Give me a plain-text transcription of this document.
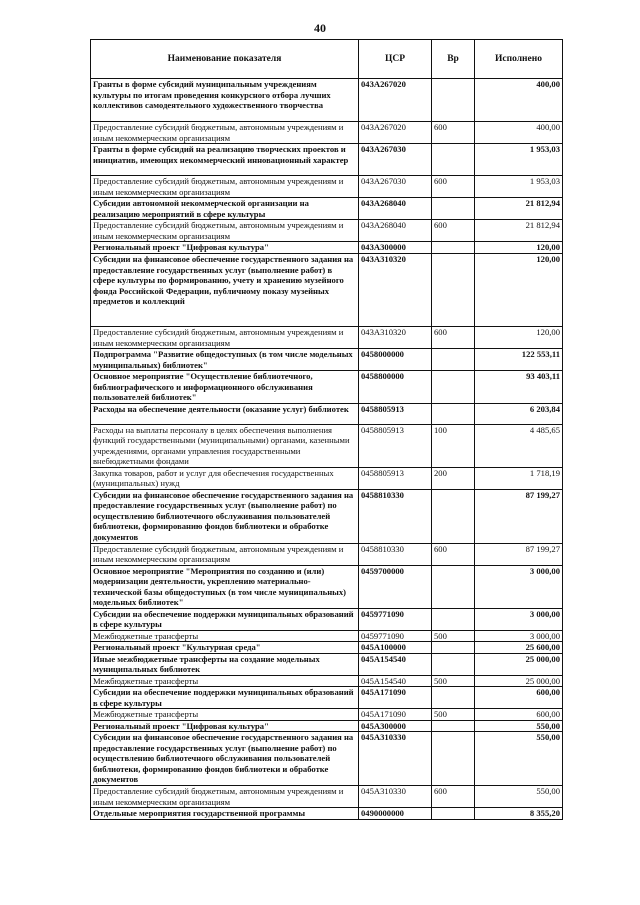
40
Наименование показателя	ЦСР	Вр	Исполнено
Гранты в форме субсидий муниципальным учреждениям культуры по итогам проведения конкурсного отбора лучших коллективов самодеятельного художественного творчества	043A267020		400,00
Предоставление субсидий бюджетным, автономным учреждениям и иным некоммерческим организациям	043A267020	600	400,00
Гранты в форме субсидий на реализацию творческих проектов и инициатив, имеющих некоммерческий инновационный характер	043A267030		1 953,03
Предоставление субсидий бюджетным, автономным учреждениям и иным некоммерческим организациям	043A267030	600	1 953,03
Субсидии автономной некоммерческой организации на реализацию мероприятий в сфере культуры	043A268040		21 812,94
Предоставление субсидий бюджетным, автономным учреждениям и иным некоммерческим организациям	043A268040	600	21 812,94
Региональный проект "Цифровая культура"	043A300000		120,00
Субсидии на финансовое обеспечение государственного задания на предоставление государственных услуг (выполнение работ) в сфере культуры по формированию, учету и хранению музейного фонда Российской Федерации, публичному показу музейных предметов и коллекций	043A310320		120,00
Предоставление субсидий бюджетным, автономным учреждениям и иным некоммерческим организациям	043A310320	600	120,00
Подпрограмма "Развитие общедоступных (в том числе модельных муниципальных) библиотек"	0458000000		122 553,11
Основное мероприятие "Осуществление библиотечного, библиографического и информационного обслуживания пользователей библиотек"	0458800000		93 403,11
Расходы на обеспечение деятельности (оказание услуг) библиотек	0458805913		6 203,84
Расходы на выплаты персоналу в целях обеспечения выполнения функций государственными (муниципальными) органами, казенными учреждениями, органами управления государственными внебюджетными фондами	0458805913	100	4 485,65
Закупка товаров, работ и услуг для обеспечения государственных (муниципальных) нужд	0458805913	200	1 718,19
Субсидии на финансовое обеспечение государственного задания на предоставление государственных услуг (выполнение работ) по осуществлению библиотечного обслуживания пользователей библиотеки, формированию фондов библиотеки и обработке документов	0458810330		87 199,27
Предоставление субсидий бюджетным, автономным учреждениям и иным некоммерческим организациям	0458810330	600	87 199,27
Основное мероприятие "Мероприятия по созданию и (или) модернизации деятельности, укреплению материально-технической базы общедоступных (в том числе муниципальных) модельных библиотек"	0459700000		3 000,00
Субсидии на обеспечение поддержки муниципальных образований в сфере культуры	0459771090		3 000,00
Межбюджетные трансферты	0459771090	500	3 000,00
Региональный проект "Культурная среда"	045A100000		25 600,00
Иные межбюджетные трансферты на создание модельных муниципальных библиотек	045A154540		25 000,00
Межбюджетные трансферты	045A154540	500	25 000,00
Субсидии на обеспечение поддержки муниципальных образований в сфере культуры	045A171090		600,00
Межбюджетные трансферты	045A171090	500	600,00
Региональный проект "Цифровая культура"	045A300000		550,00
Субсидии на финансовое обеспечение государственного задания на предоставление государственных услуг (выполнение работ) по осуществлению библиотечного обслуживания пользователей библиотеки, формированию фондов библиотеки и обработке документов	045A310330		550,00
Предоставление субсидий бюджетным, автономным учреждениям и иным некоммерческим организациям	045A310330	600	550,00
Отдельные мероприятия государственной программы	0490000000		8 355,20
